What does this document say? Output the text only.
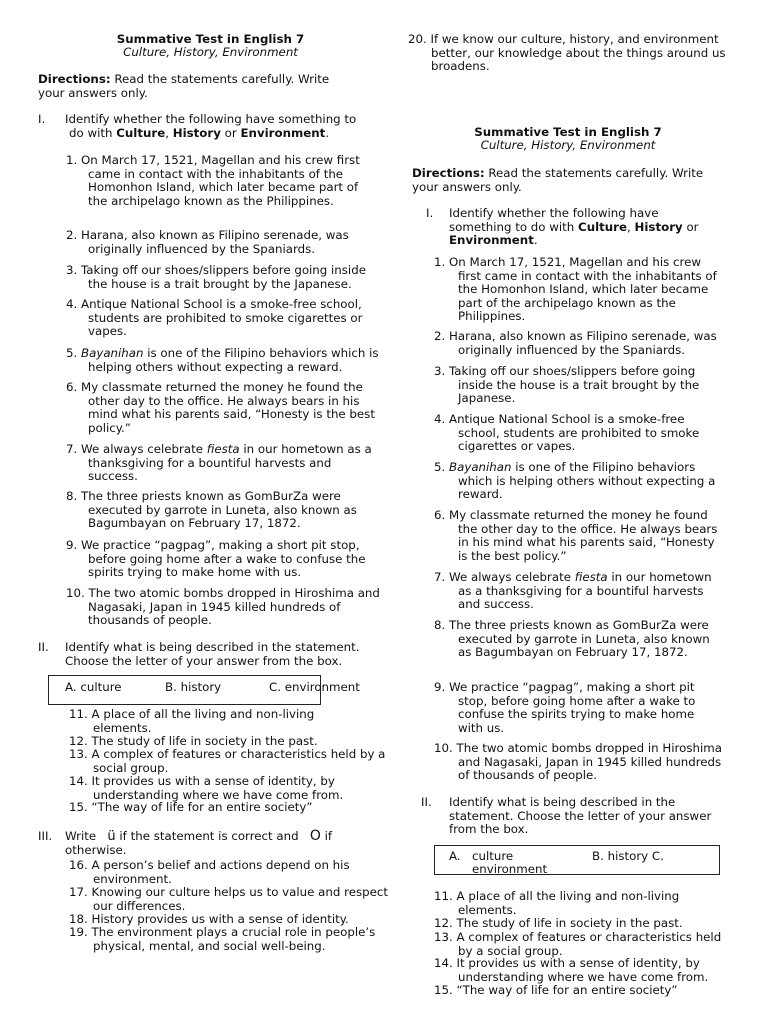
Summative Test in English 7

Culture, History, Environment

Directions: Read the statements carefully. Write your answers only.

I. Identify whether the following have something to do with Culture, History or Environment.

1. On March 17, 1521, Magellan and his crew first came in contact with the inhabitants of the Homonhon Island, which later became part of the archipelago known as the Philippines.
2. Harana, also known as Filipino serenade, was originally influenced by the Spaniards.
3. Taking off our shoes/slippers before going inside the house is a trait brought by the Japanese.
4. Antique National School is a smoke-free school, students are prohibited to smoke cigarettes or vapes.
5. Bayanihan is one of the Filipino behaviors which is helping others without expecting a reward.
6. My classmate returned the money he found the other day to the office. He always bears in his mind what his parents said, “Honesty is the best policy.”
7. We always celebrate fiesta in our hometown as a thanksgiving for a bountiful harvests and success.
8. The three priests known as GomBurZa were executed by garrote in Luneta, also known as Bagumbayan on February 17, 1872.
9. We practice “pagpag”, making a short pit stop, before going home after a wake to confuse the spirits trying to make home with us.
10. The two atomic bombs dropped in Hiroshima and Nagasaki, Japan in 1945 killed hundreds of thousands of people.
II. Identify what is being described in the statement. Choose the letter of your answer from the box.

A. culture	B. history	C. environment
11. A place of all the living and non-living elements.
12. The study of life in society in the past.
13. A complex of features or characteristics held by a social group.
14. It provides us with a sense of identity, by understanding where we have come from.
15. “The way of life for an entire society”
III. Write ü if the statement is correct and   O if otherwise.

16. A person’s belief and actions depend on his environment.
17. Knowing our culture helps us to value and respect our differences.
18. History provides us with a sense of identity.
19. The environment plays a crucial role in people’s physical, mental, and social well-being.
20. If we know our culture, history, and environment better, our knowledge about the things around us broadens.

Summative Test in English 7

Culture, History, Environment

Directions: Read the statements carefully. Write your answers only.

I. Identify whether the following have something to do with Culture, History or Environment.

1. On March 17, 1521, Magellan and his crew first came in contact with the inhabitants of the Homonhon Island, which later became part of the archipelago known as the Philippines.
2. Harana, also known as Filipino serenade, was originally influenced by the Spaniards.
3. Taking off our shoes/slippers before going inside the house is a trait brought by the Japanese.
4. Antique National School is a smoke-free school, students are prohibited to smoke cigarettes or vapes.
5. Bayanihan is one of the Filipino behaviors which is helping others without expecting a reward.
6. My classmate returned the money he found the other day to the office. He always bears in his mind what his parents said, “Honesty is the best policy.”
7. We always celebrate fiesta in our hometown as a thanksgiving for a bountiful harvests and success.
8. The three priests known as GomBurZa were executed by garrote in Luneta, also known as Bagumbayan on February 17, 1872.
9. We practice “pagpag”, making a short pit stop, before going home after a wake to confuse the spirits trying to make home with us.
10. The two atomic bombs dropped in Hiroshima and Nagasaki, Japan in 1945 killed hundreds of thousands of people.
II. Identify what is being described in the statement. Choose the letter of your answer from the box.

A. culture	B. history C.
environment
11. A place of all the living and non-living elements.
12. The study of life in society in the past.
13. A complex of features or characteristics held by a social group.
14. It provides us with a sense of identity, by understanding where we have come from.
15. “The way of life for an entire society”
